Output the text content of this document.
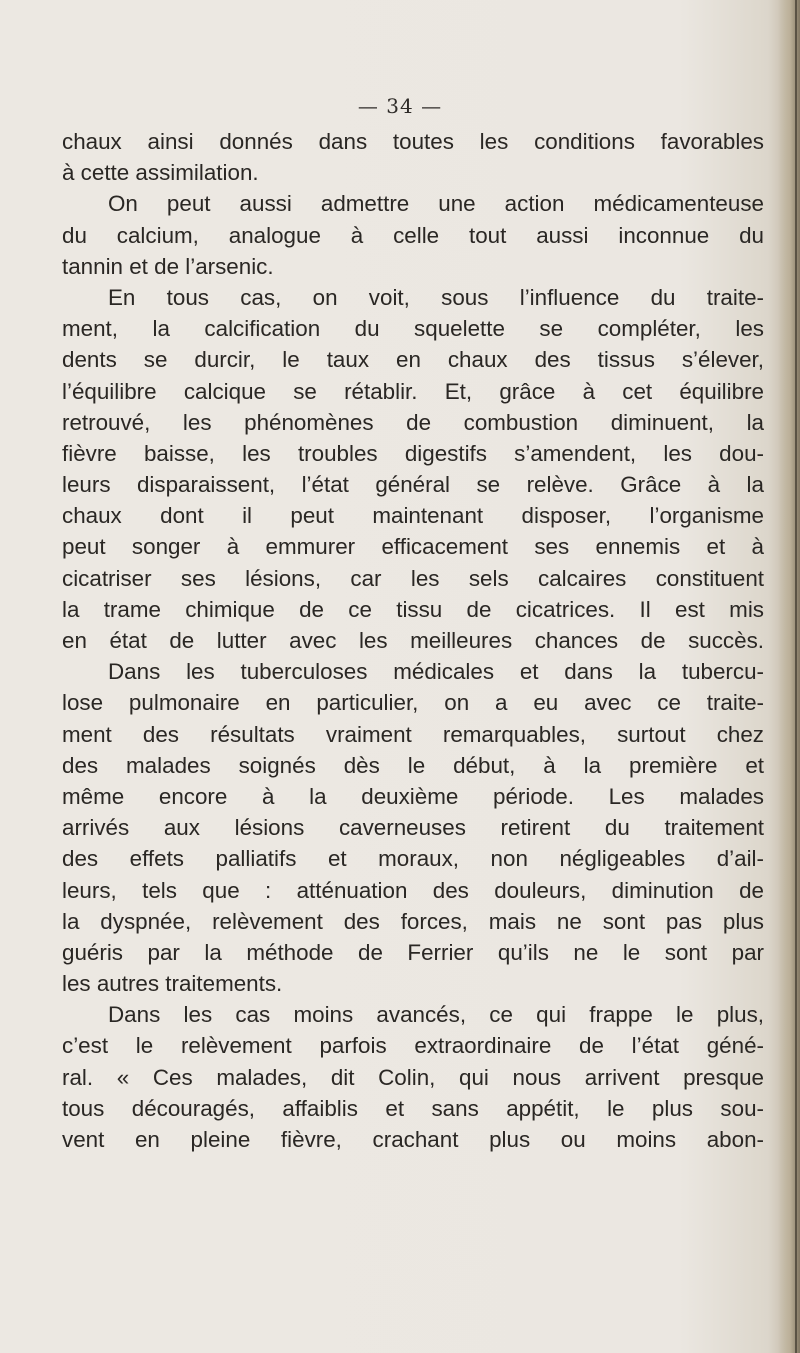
— 34 —
chaux ainsi donnés dans toutes les conditions favorables
à cette assimilation.
On peut aussi admettre une action médicamenteuse
du calcium, analogue à celle tout aussi inconnue du
tannin et de l’arsenic.
En tous cas, on voit, sous l’influence du traite-
ment, la calcification du squelette se compléter, les
dents se durcir, le taux en chaux des tissus s’élever,
l’équilibre calcique se rétablir. Et, grâce à cet équilibre
retrouvé, les phénomènes de combustion diminuent, la
fièvre baisse, les troubles digestifs s’amendent, les dou-
leurs disparaissent, l’état général se relève. Grâce à la
chaux dont il peut maintenant disposer, l’organisme
peut songer à emmurer efficacement ses ennemis et à
cicatriser ses lésions, car les sels calcaires constituent
la trame chimique de ce tissu de cicatrices. Il est mis
en état de lutter avec les meilleures chances de succès.
Dans les tuberculoses médicales et dans la tubercu-
lose pulmonaire en particulier, on a eu avec ce traite-
ment des résultats vraiment remarquables, surtout chez
des malades soignés dès le début, à la première et
même encore à la deuxième période. Les malades
arrivés aux lésions caverneuses retirent du traitement
des effets palliatifs et moraux, non négligeables d’ail-
leurs, tels que : atténuation des douleurs, diminution de
la dyspnée, relèvement des forces, mais ne sont pas plus
guéris par la méthode de Ferrier qu’ils ne le sont par
les autres traitements.
Dans les cas moins avancés, ce qui frappe le plus,
c’est le relèvement parfois extraordinaire de l’état géné-
ral. « Ces malades, dit Colin, qui nous arrivent presque
tous découragés, affaiblis et sans appétit, le plus sou-
vent en pleine fièvre, crachant plus ou moins abon-
